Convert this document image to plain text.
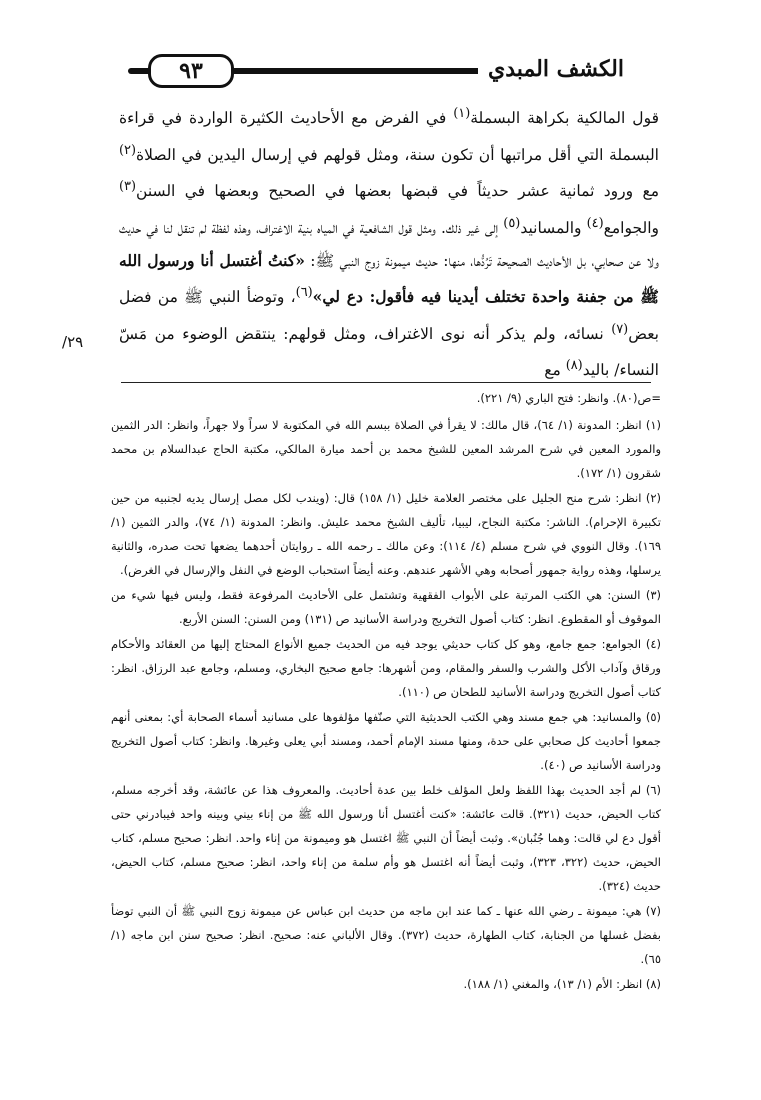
الكشف المبدي
٩٣

قول المالكية بكراهة البسملة$^{(١)}$ في الفرض مع الأحاديث الكثيرة الواردة في قراءة البسملة التي أقل مراتبها أن تكون سنة، ومثل قولهم في إرسال اليدين في الصلاة$^{(٢)}$ مع ورود ثمانية عشر حديثاً في قبضها بعضها في الصحيح وبعضها في السنن$^{(٣)}$ والجوامع$^{(٤)}$ والمسانيد$^{(٥)}$ إلى غير ذلك. ومثل قول الشافعية في المياه بنية الاغتراف، وهذه لفظة لم تنقل لنا في حديث ولا عن صحابي، بل الأحاديث الصحيحة تَرُدُّها، منها: حديث ميمونة زوج النبي ﷺ: «كنتُ أغتسل أنا ورسول الله ﷺ من جفنة واحدة تختلف أيدينا فيه فأقول: دع لي»$^{(٦)}$، وتوضأ النبي ﷺ من فضل بعض$^{(٧)}$ نسائه، ولم يذكر أنه نوى الاغتراف، ومثل قولهم: ينتقض الوضوء من مَسّ النساء/ باليد$^{(٨)}$ مع

٢٩/

=ص(٨٠). وانظر: فتح الباري (٩/ ٢٢١).

(١) انظر: المدونة (١/ ٦٤)، قال مالك: لا يقرأ في الصلاة ببسم الله في المكتوبة لا سراً ولا جهراً، وانظر: الدر الثمين والمورد المعين في شرح المرشد المعين للشيخ محمد بن أحمد ميارة المالكي، مكتبة الحاج عبدالسلام بن محمد شقرون (١/ ١٧٢).

(٢) انظر: شرح منح الجليل على مختصر العلامة خليل (١/ ١٥٨) قال: (ويندب لكل مصل إرسال يديه لجنبيه من حين تكبيرة الإحرام). الناشر: مكتبة النجاح، ليبيا، تأليف الشيخ محمد عليش. وانظر: المدونة (١/ ٧٤)، والدر الثمين (١/ ١٦٩). وقال النووي في شرح مسلم (٤/ ١١٤): وعن مالك ـ رحمه الله ـ روايتان أحدهما يضعها تحت صدره، والثانية يرسلها، وهذه رواية جمهور أصحابه وهي الأشهر عندهم. وعنه أيضاً استحباب الوضع في النفل والإرسال في الغرض).

(٣) السنن: هي الكتب المرتبة على الأبواب الفقهية وتشتمل على الأحاديث المرفوعة فقط، وليس فيها شيء من الموقوف أو المقطوع. انظر: كتاب أصول التخريج ودراسة الأسانيد ص (١٣١) ومن السنن: السنن الأربع.

(٤) الجوامع: جمع جامع، وهو كل كتاب حديثي يوجد فيه من الحديث جميع الأنواع المحتاج إليها من العقائد والأحكام ورقاق وآداب الأكل والشرب والسفر والمقام، ومن أشهرها: جامع صحيح البخاري، ومسلم، وجامع عبد الرزاق. انظر: كتاب أصول التخريج ودراسة الأسانيد للطحان ص (١١٠).

(٥) والمسانيد: هي جمع مسند وهي الكتب الحديثية التي صنّفها مؤلفوها على مسانيد أسماء الصحابة أي: بمعنى أنهم جمعوا أحاديث كل صحابي على حدة، ومنها مسند الإمام أحمد، ومسند أبي يعلى وغيرها. وانظر: كتاب أصول التخريج ودراسة الأسانيد ص (٤٠).

(٦) لم أجد الحديث بهذا اللفظ ولعل المؤلف خلط بين عدة أحاديث. والمعروف هذا عن عائشة، وقد أخرجه مسلم، كتاب الحيض، حديث (٣٢١). قالت عائشة: «كنت أغتسل أنا ورسول الله ﷺ من إناء بيني وبينه واحد فيبادرني حتى أقول دع لي قالت: وهما جُنُبان». وثبت أيضاً أن النبي ﷺ اغتسل هو وميمونة من إناء واحد. انظر: صحيح مسلم، كتاب الحيض، حديث (٣٢٢، ٣٢٣)، وثبت أيضاً أنه اغتسل هو وأم سلمة من إناء واحد، انظر: صحيح مسلم، كتاب الحيض، حديث (٣٢٤).

(٧) هي: ميمونة ـ رضي الله عنها ـ كما عند ابن ماجه من حديث ابن عباس عن ميمونة زوج النبي ﷺ أن النبي توضأ بفضل غسلها من الجنابة، كتاب الطهارة، حديث (٣٧٢). وقال الألباني عنه: صحيح. انظر: صحيح سنن ابن ماجه (١/ ٦٥).

(٨) انظر: الأم (١/ ١٣)، والمغني (١/ ١٨٨).
